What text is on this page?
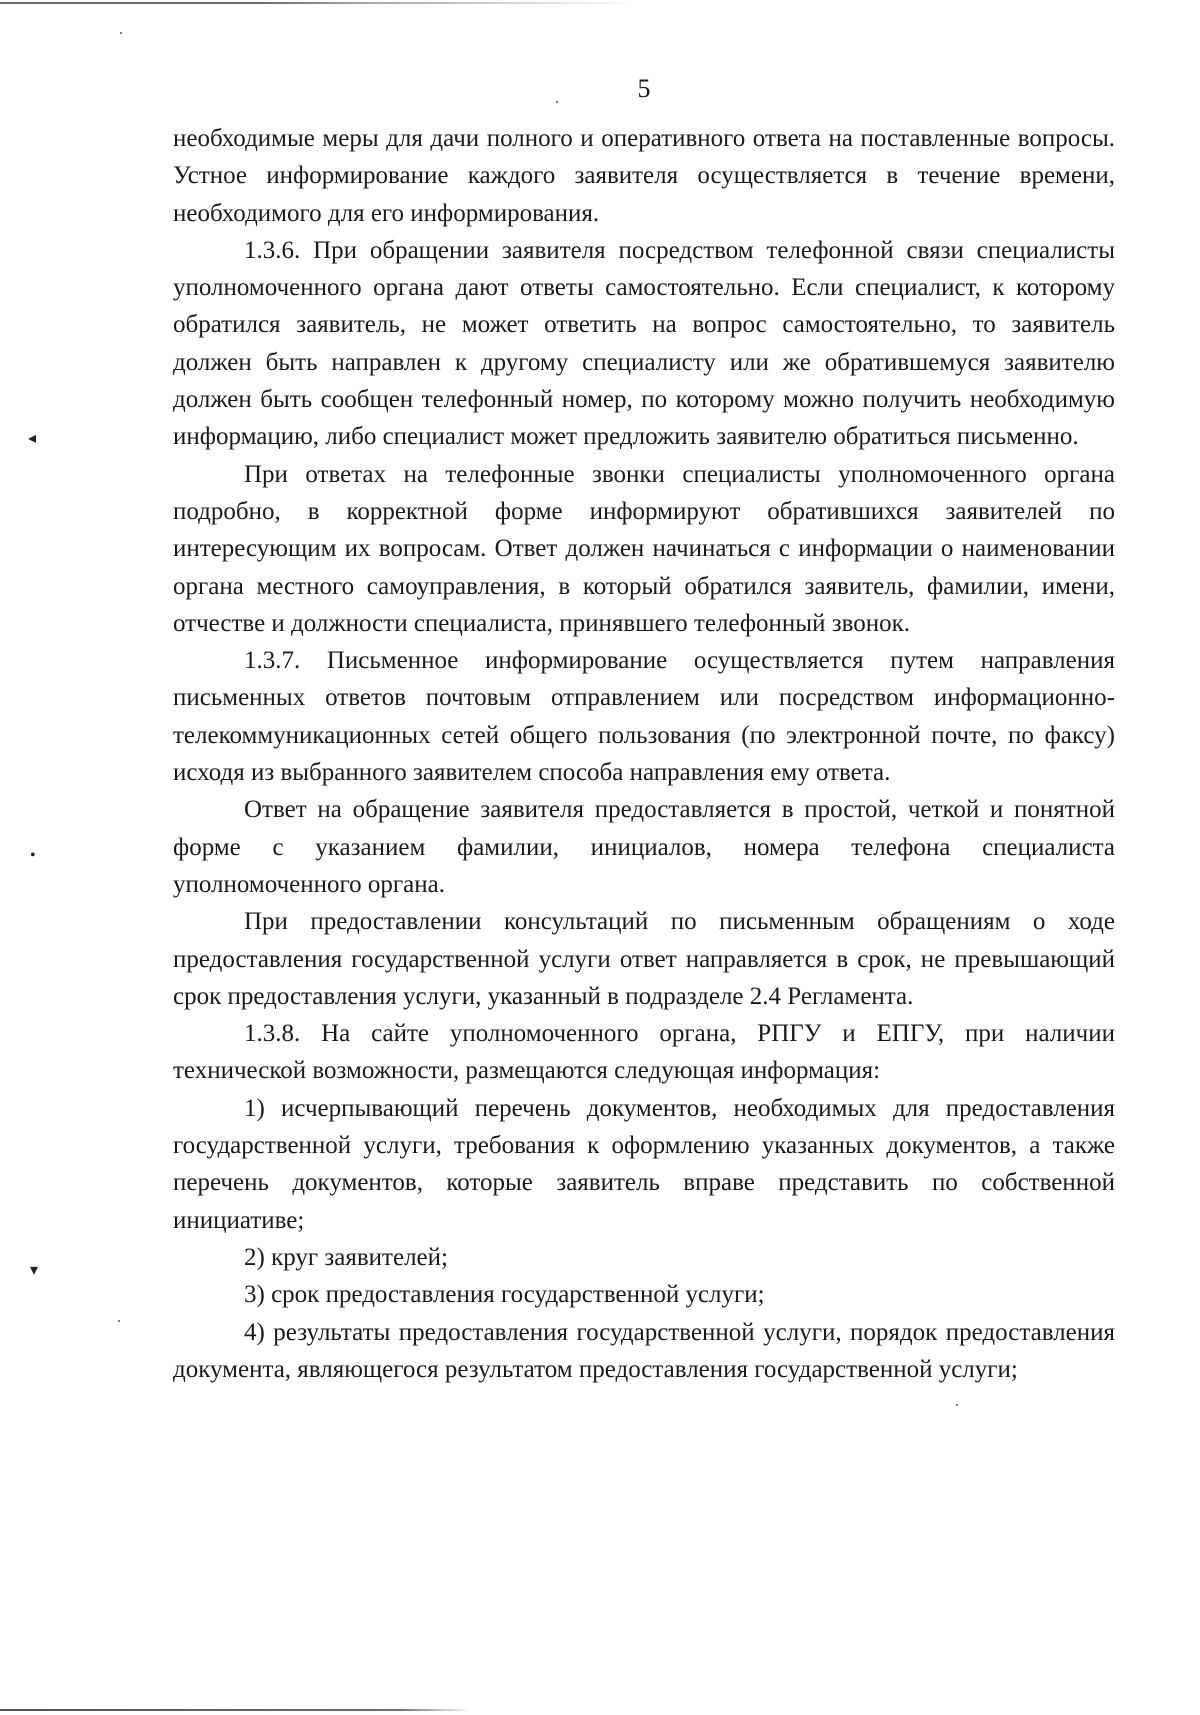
5
◂
•
▾

необходимые меры для дачи полного и оперативного ответа на поставленные вопросы. Устное информирование каждого заявителя осуществляется в течение времени, необходимого для его информирования.

1.3.6. При обращении заявителя посредством телефонной связи специалисты уполномоченного органа дают ответы самостоятельно. Если специалист, к которому обратился заявитель, не может ответить на вопрос самостоятельно, то заявитель должен быть направлен к другому специалисту или же обратившемуся заявителю должен быть сообщен телефонный номер, по которому можно получить необходимую информацию, либо специалист может предложить заявителю обратиться письменно.

При ответах на телефонные звонки специалисты уполномоченного органа подробно, в корректной форме информируют обратившихся заявителей по интересующим их вопросам. Ответ должен начинаться с информации о наименовании органа местного самоуправления, в который обратился заявитель, фамилии, имени, отчестве и должности специалиста, принявшего телефонный звонок.

1.3.7. Письменное информирование осуществляется путем направления письменных ответов почтовым отправлением или посредством информационно-телекоммуникационных сетей общего пользования (по электронной почте, по факсу) исходя из выбранного заявителем способа направления ему ответа.

Ответ на обращение заявителя предоставляется в простой, четкой и понятной форме с указанием фамилии, инициалов, номера телефона специалиста уполномоченного органа.

При предоставлении консультаций по письменным обращениям о ходе предоставления государственной услуги ответ направляется в срок, не превышающий срок предоставления услуги, указанный в подразделе 2.4 Регламента.

1.3.8. На сайте уполномоченного органа, РПГУ и ЕПГУ, при наличии технической возможности, размещаются следующая информация:

1) исчерпывающий перечень документов, необходимых для предоставления государственной услуги, требования к оформлению указанных документов, а также перечень документов, которые заявитель вправе представить по собственной инициативе;

2) круг заявителей;

3) срок предоставления государственной услуги;

4) результаты предоставления государственной услуги, порядок предоставления документа, являющегося результатом предоставления государственной услуги;
